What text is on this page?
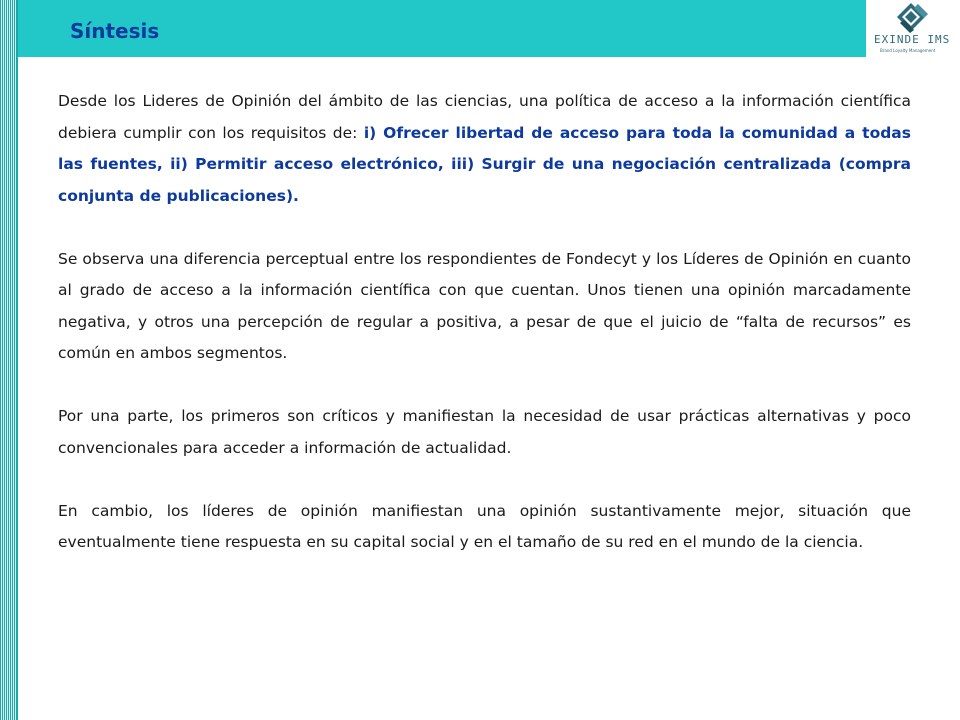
Síntesis	EXINDE IMS
Brand Loyalty Management

Desde los Lideres de Opinión del ámbito de las ciencias, una política de acceso a la información científica debiera cumplir con los requisitos de: i) Ofrecer libertad de acceso para toda la comunidad a todas las fuentes, ii) Permitir acceso electrónico, iii) Surgir de una negociación centralizada (compra conjunta de publicaciones).

Se observa una diferencia perceptual entre los respondientes de Fondecyt y los Líderes de Opinión en cuanto al grado de acceso a la información científica con que cuentan. Unos tienen una opinión marcadamente negativa, y otros una percepción de regular a positiva, a pesar de que el juicio de “falta de recursos” es común en ambos segmentos.

Por una parte, los primeros son críticos y manifiestan la necesidad de usar prácticas alternativas y poco convencionales para acceder a información de actualidad.

En cambio, los líderes de opinión manifiestan una opinión sustantivamente mejor, situación que eventualmente tiene respuesta en su capital social y en el tamaño de su red en el mundo de la ciencia.
